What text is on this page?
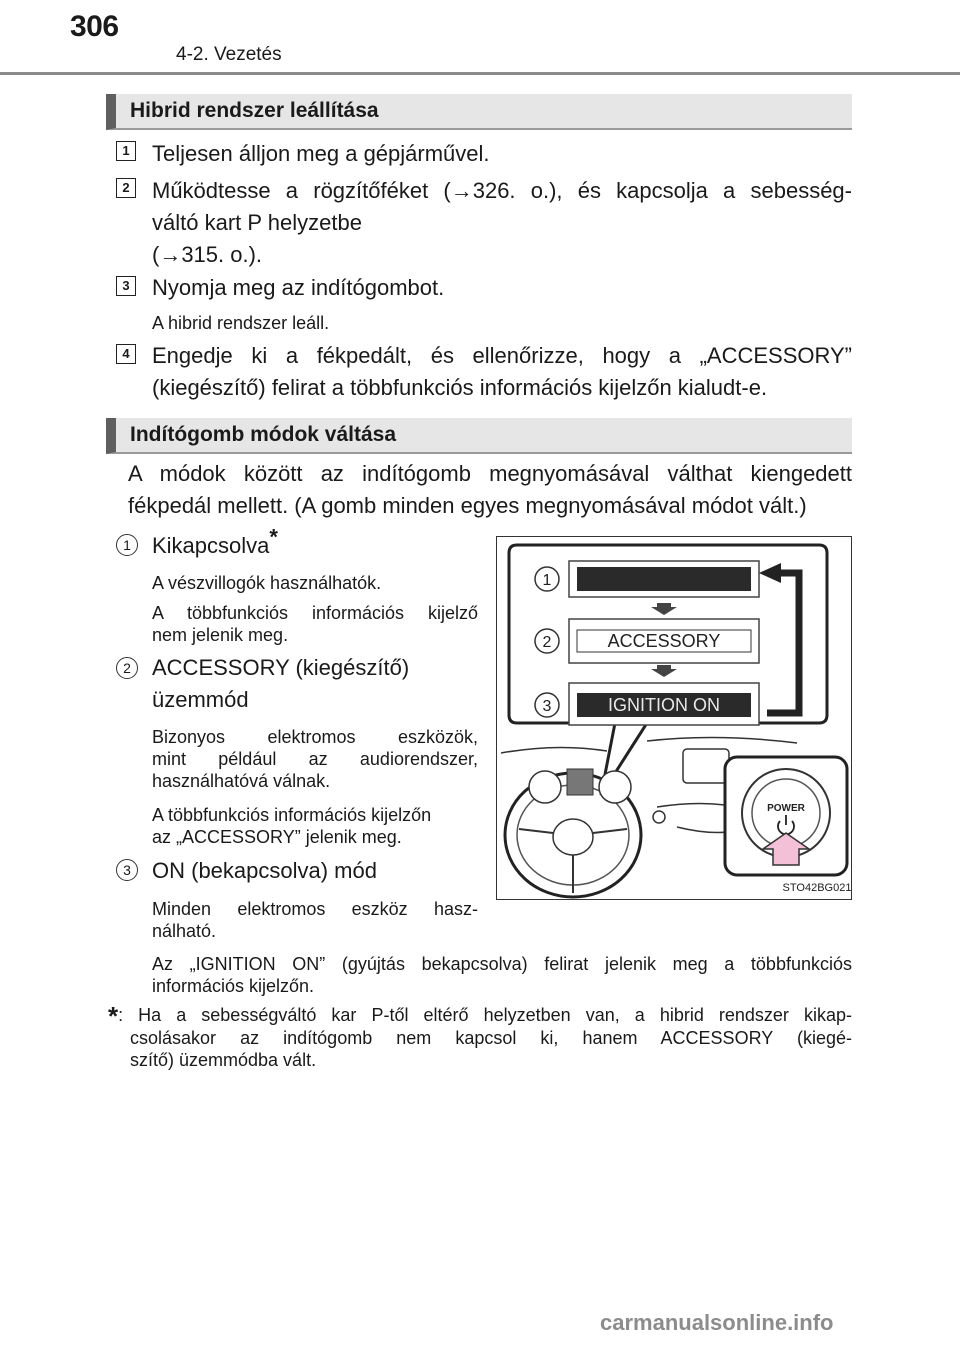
306
4-2. Vezetés
Hibrid rendszer leállítása
1 Teljesen álljon meg a gépjárművel.
2 Működtesse a rögzítőféket (→326. o.), és kapcsolja a sebesség-
váltó kart P helyzetbe
(→315. o.).
3 Nyomja meg az indítógombot.
A hibrid rendszer leáll.
4 Engedje ki a fékpedált, és ellenőrizze, hogy a „ACCESSORY”
(kiegészítő) felirat a többfunkciós információs kijelzőn kialudt-e.
Indítógomb módok váltása
A módok között az indítógomb megnyomásával válthat kiengedett
fékpedál mellett. (A gomb minden egyes megnyomásával módot vált.)
1 Kikapcsolva*
A vészvillogók használhatók.
A többfunkciós információs kijelző
nem jelenik meg.
2 ACCESSORY (kiegészítő)
üzemmód
Bizonyos elektromos eszközök,
mint például az audiorendszer,
használhatóvá válnak.
A többfunkciós információs kijelzőn
az „ACCESSORY” jelenik meg.
3 ON (bekapcsolva) mód
Minden elektromos eszköz hasz-
nálható.
Az „IGNITION ON” (gyújtás bekapcsolva) felirat jelenik meg a többfunkciós
információs kijelzőn.
*: Ha a sebességváltó kar P-től eltérő helyzetben van, a hibrid rendszer kikap-
csolásakor az indítógomb nem kapcsol ki, hanem ACCESSORY (kiegé-
szítő) üzemmódba vált.
ACCESSORY
IGNITION ON
1
2
3
POWER
STO42BG021
carmanualsonline.info
